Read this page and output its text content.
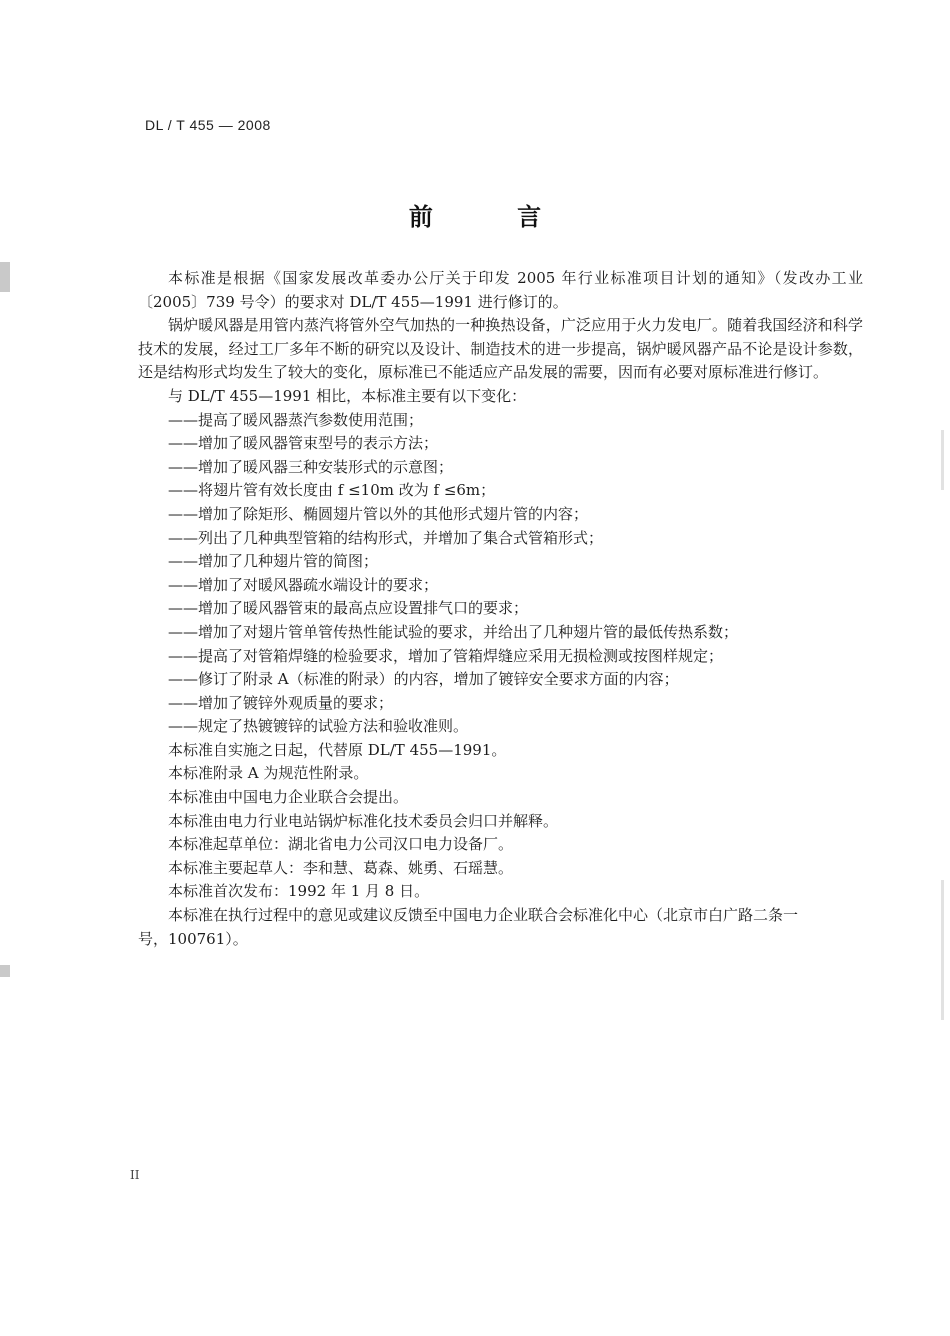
DL / T 455 — 2008
前 言

本标准是根据《国家发展改革委办公厅关于印发 2005 年行业标准项目计划的通知》（发改办工业〔2005〕739 号令）的要求对 DL/T 455—1991 进行修订的。

锅炉暖风器是用管内蒸汽将管外空气加热的一种换热设备，广泛应用于火力发电厂。随着我国经济和科学技术的发展，经过工厂多年不断的研究以及设计、制造技术的进一步提高，锅炉暖风器产品不论是设计参数，还是结构形式均发生了较大的变化，原标准已不能适应产品发展的需要，因而有必要对原标准进行修订。

与 DL/T 455—1991 相比，本标准主要有以下变化：

——提高了暖风器蒸汽参数使用范围；

——增加了暖风器管束型号的表示方法；

——增加了暖风器三种安装形式的示意图；

——将翅片管有效长度由 f ≤10m 改为 f ≤6m；

——增加了除矩形、椭圆翅片管以外的其他形式翅片管的内容；

——列出了几种典型管箱的结构形式，并增加了集合式管箱形式；

——增加了几种翅片管的简图；

——增加了对暖风器疏水端设计的要求；

——增加了暖风器管束的最高点应设置排气口的要求；

——增加了对翅片管单管传热性能试验的要求，并给出了几种翅片管的最低传热系数；

——提高了对管箱焊缝的检验要求，增加了管箱焊缝应采用无损检测或按图样规定；

——修订了附录 A（标准的附录）的内容，增加了镀锌安全要求方面的内容；

——增加了镀锌外观质量的要求；

——规定了热镀镀锌的试验方法和验收准则。

本标准自实施之日起，代替原 DL/T 455—1991。

本标准附录 A 为规范性附录。

本标准由中国电力企业联合会提出。

本标准由电力行业电站锅炉标准化技术委员会归口并解释。

本标准起草单位：湖北省电力公司汉口电力设备厂。

本标准主要起草人：李和慧、葛森、姚勇、石瑶慧。

本标准首次发布：1992 年 1 月 8 日。

本标准在执行过程中的意见或建议反馈至中国电力企业联合会标准化中心（北京市白广路二条一

号，100761）。

II
